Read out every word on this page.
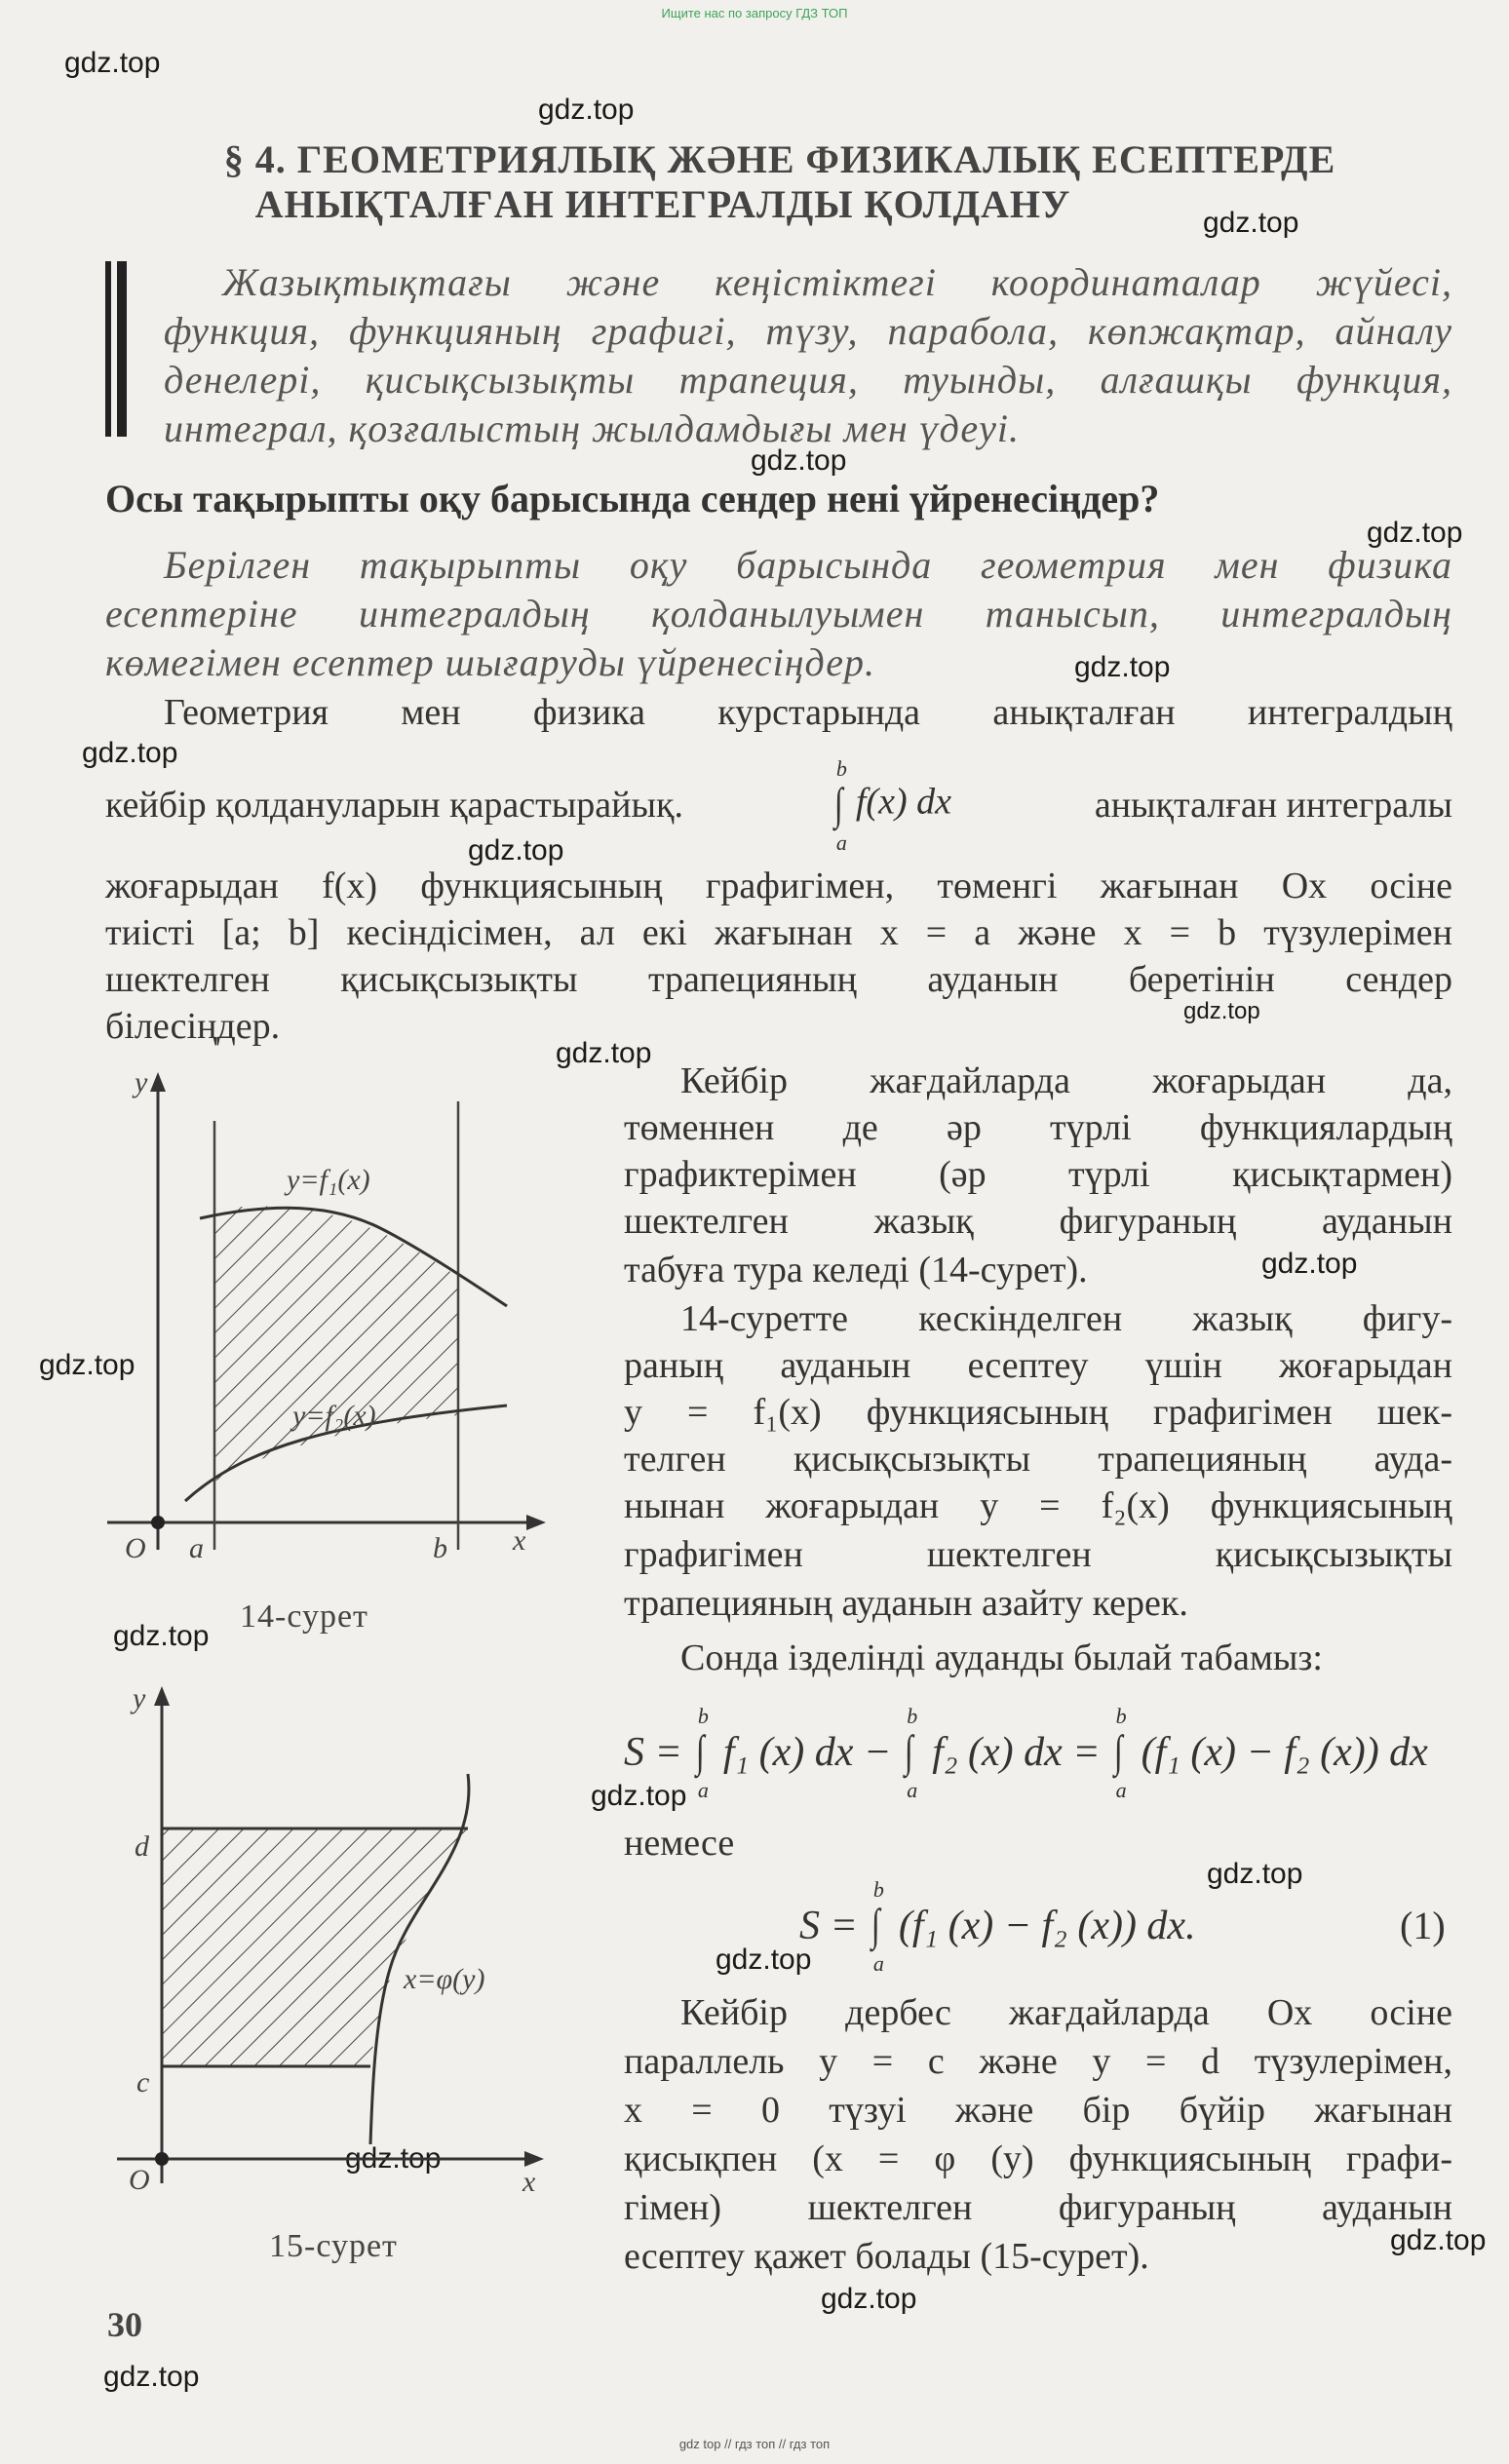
Ищите нас по запросу ГДЗ ТОП
gdz top // гдз топ // гдз топ
gdz.top
gdz.top
gdz.top
gdz.top
gdz.top
gdz.top
gdz.top
gdz.top
gdz.top
gdz.top
gdz.top
gdz.top
gdz.top
gdz.top
gdz.top
gdz.top
gdz.top
gdz.top
gdz.top
gdz.top
§ 4. ГЕОМЕТРИЯЛЫҚ ЖӘНЕ ФИЗИКАЛЫҚ ЕСЕПТЕРДЕ
АНЫҚТАЛҒАН ИНТЕГРАЛДЫ ҚОЛДАНУ
Жазықтықтағы және кеңістіктегі координаталар жүйесі,
функция, функцияның графигі, түзу, парабола, көпжақтар, айналу
денелері, қисықсызықты трапеция, туынды, алғашқы функция,
интеграл, қозғалыстың жылдамдығы мен үдеуі.
Осы тақырыпты оқу барысында сендер нені үйренесіңдер?
Берілген тақырыпты оқу барысында геометрия мен физика
есептеріне интегралдың қолданылуымен танысып, интегралдың
көмегімен есептер шығаруды үйренесіңдер.
Геометрия мен физика курстарында анықталған интегралдың
кейбір қолдануларын қарастырайық.	∫
b
a
f(x) dx	анықталған интегралы
жоғарыдан f(x) функциясының графигімен, төменгі жағынан Ox осіне
тиісті [a; b] кесіндісімен, ал екі жағынан x = a және x = b түзулерімен
шектелген қисықсызықты трапецияның ауданын беретінін сендер
білесіңдер.
Кейбір жағдайларда жоғарыдан да,
төменнен де әр түрлі функциялардың
графиктерімен (әр түрлі қисықтармен)
шектелген жазық фигураның ауданын
табуға тура келеді (14-сурет).
14-суретте кескінделген жазық фигу-
раның ауданын есептеу үшін жоғарыдан
y = f₁(x) функциясының графигімен шек-
телген қисықсызықты трапецияның ауда-
нынан жоғарыдан y = f₂(x) функциясының
графигімен шектелген қисықсызықты
трапецияның ауданын азайту керек.
Сонда ізделінді ауданды былай табамыз:
S = ∫
b
a
f₁ (x) dx − ∫
b
a
f₂ (x) dx = ∫
b
a
(f₁ (x) − f₂ (x)) dx
немесе
S = ∫
b
a
(f₁ (x) − f₂ (x)) dx.	(1)
Кейбір дербес жағдайларда Ox осіне
параллель y = c және y = d түзулерімен,
x = 0 түзуі және бір бүйір жағынан
қисықпен (x = φ (y) функциясының графи-
гімен) шектелген фигураның ауданын
есептеу қажет болады (15-сурет).
y
x
O a	b
y=f₁(x)
y=f₂(x)
14-сурет
y
x
O
d
c
x=φ(y)
15-сурет
30
